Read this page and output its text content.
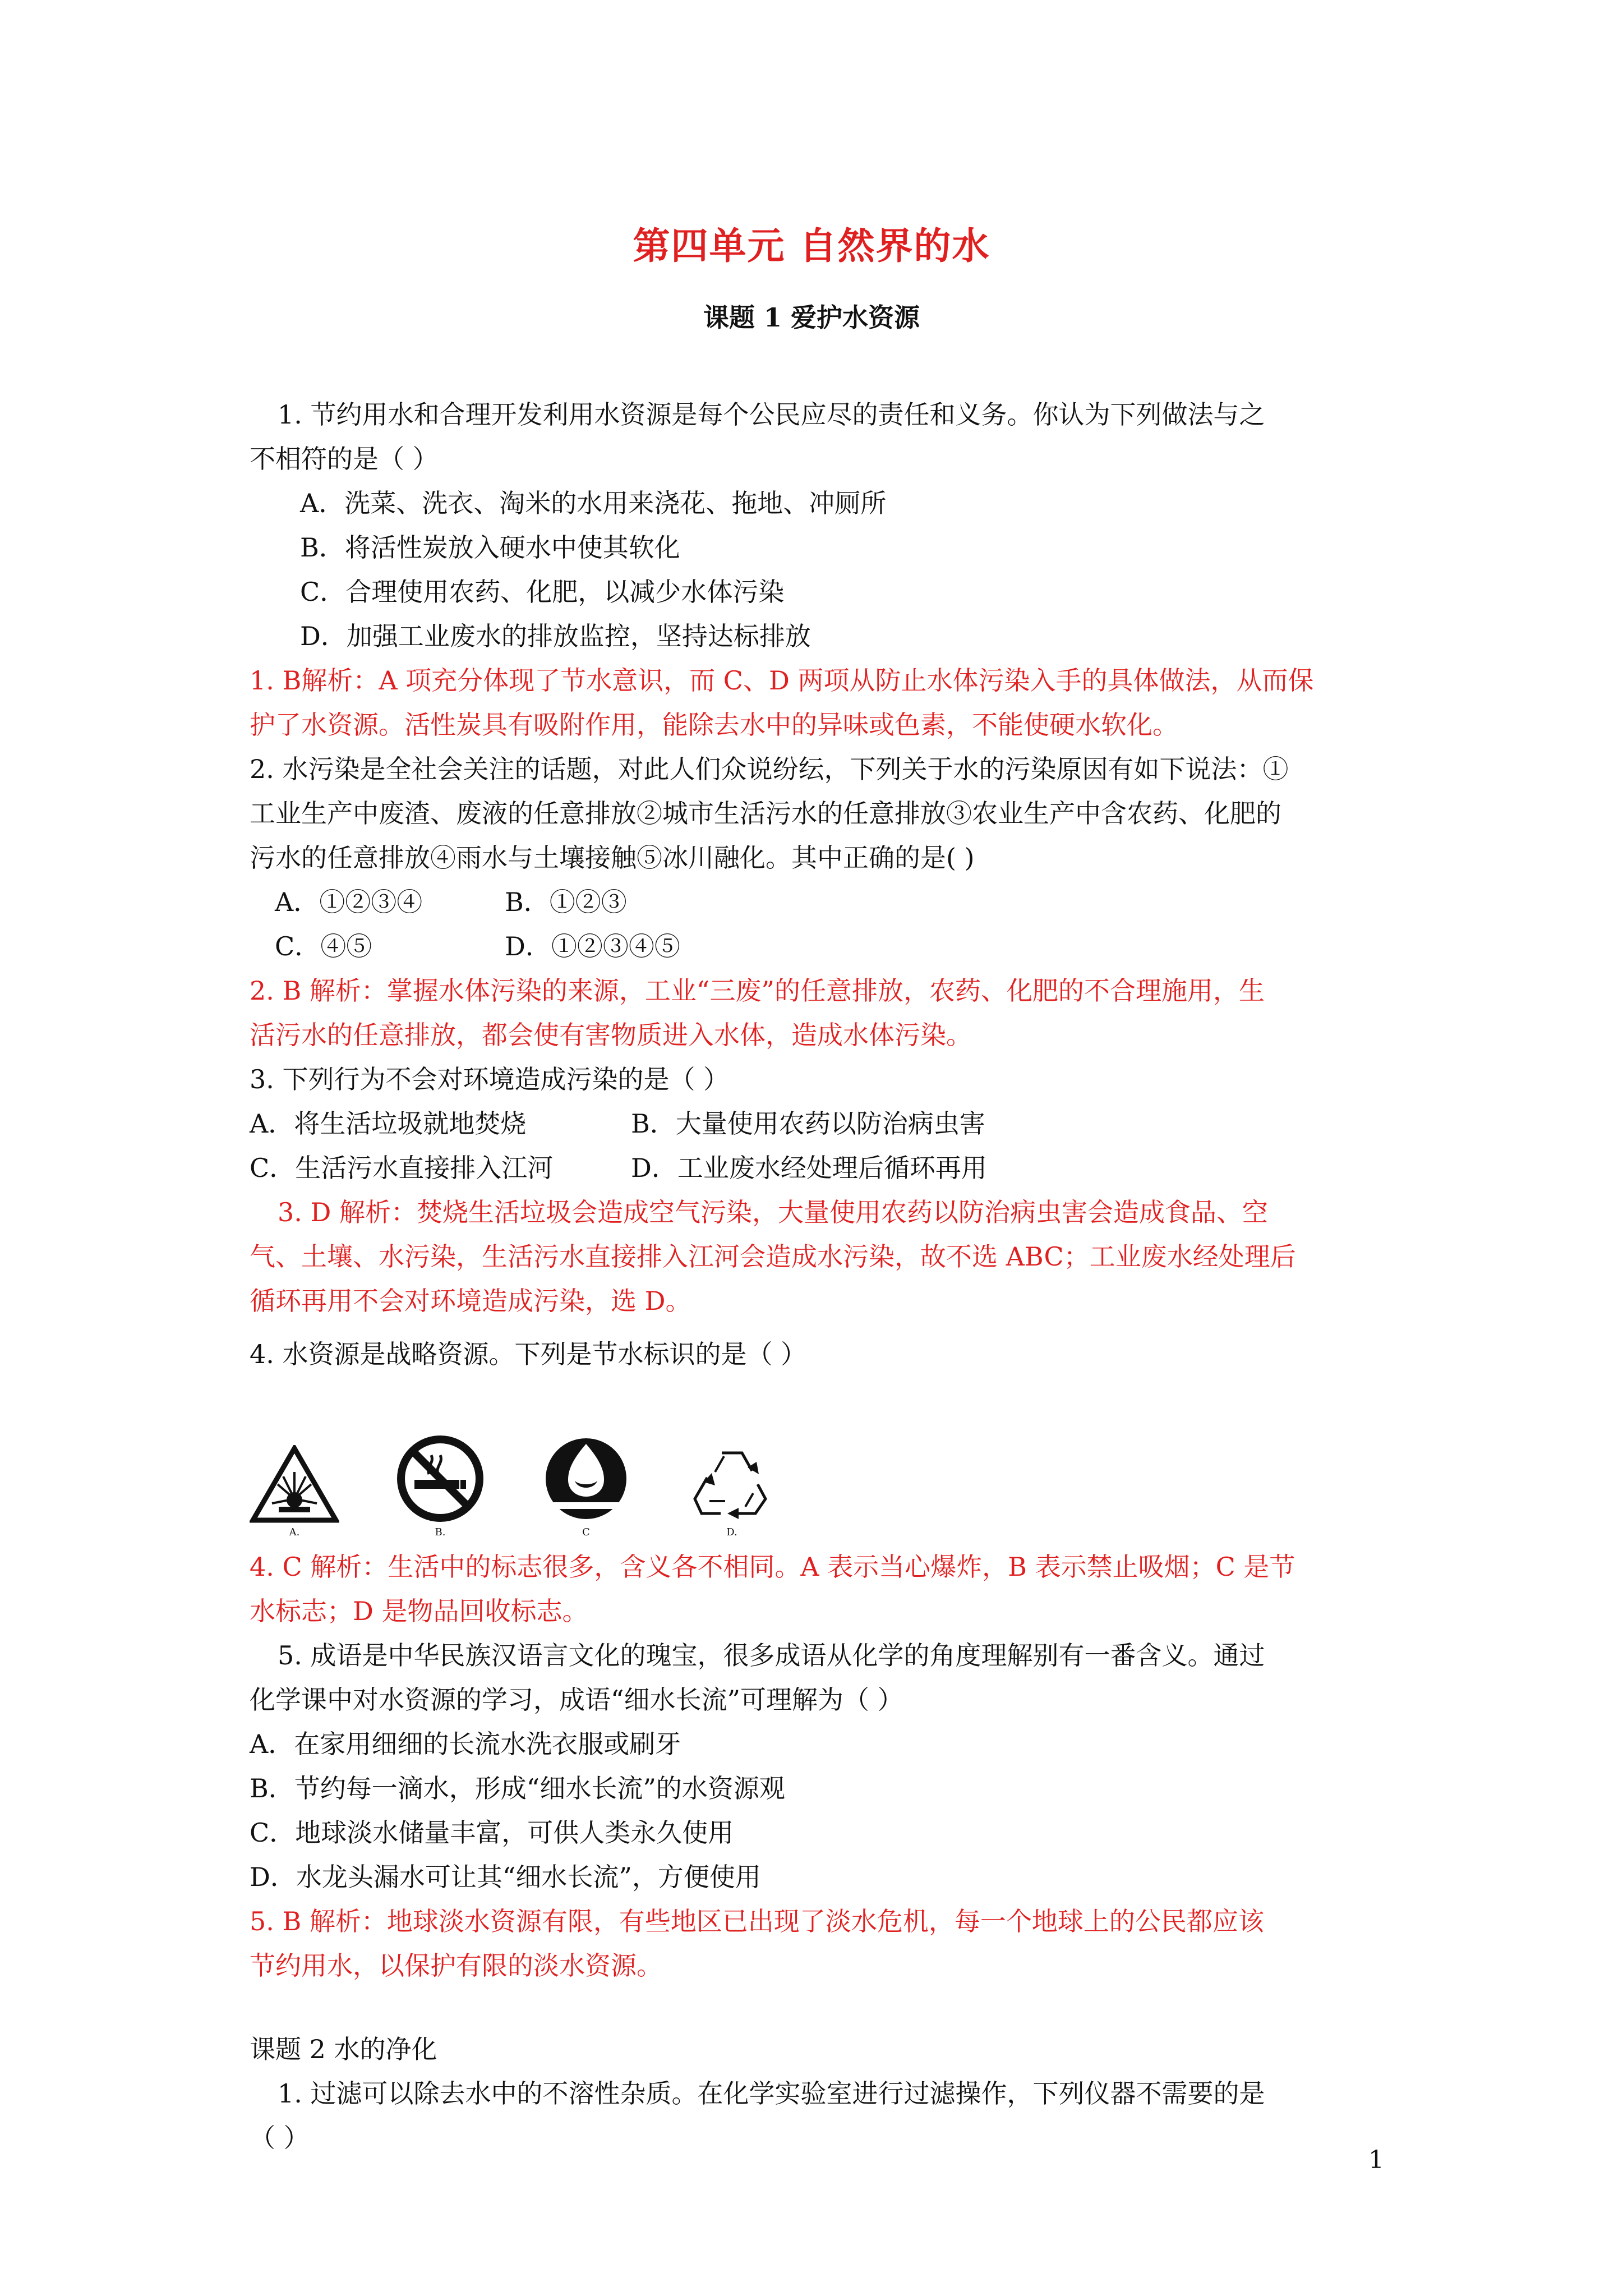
第四单元 自然界的水
课题 1 爱护水资源
1. 节约用水和合理开发利用水资源是每个公民应尽的责任和义务。你认为下列做法与之
不相符的是（ ）
A．洗菜、洗衣、淘米的水用来浇花、拖地、冲厕所
B．将活性炭放入硬水中使其软化
C．合理使用农药、化肥，以减少水体污染
D．加强工业废水的排放监控，坚持达标排放
1. B解析：A 项充分体现了节水意识，而 C、D 两项从防止水体污染入手的具体做法，从而保
护了水资源。活性炭具有吸附作用，能除去水中的异味或色素，不能使硬水软化。
2. 水污染是全社会关注的话题，对此人们众说纷纭，下列关于水的污染原因有如下说法：①
工业生产中废渣、废液的任意排放②城市生活污水的任意排放③农业生产中含农药、化肥的
污水的任意排放④雨水与土壤接触⑤冰川融化。其中正确的是( )
A．①②③④	B．①②③
C．④⑤	D．①②③④⑤
2. B 解析：掌握水体污染的来源，工业“三废”的任意排放，农药、化肥的不合理施用，生
活污水的任意排放，都会使有害物质进入水体，造成水体污染。
3. 下列行为不会对环境造成污染的是（ ）
A．将生活垃圾就地焚烧	B．大量使用农药以防治病虫害
C．生活污水直接排入江河	D．工业废水经处理后循环再用
3. D 解析：焚烧生活垃圾会造成空气污染，大量使用农药以防治病虫害会造成食品、空
气、土壤、水污染，生活污水直接排入江河会造成水污染，故不选 ABC；工业废水经处理后
循环再用不会对环境造成污染，选 D。
4. 水资源是战略资源。下列是节水标识的是（ ）
A.	B.	C	D.
4. C 解析：生活中的标志很多，含义各不相同。A 表示当心爆炸，B 表示禁止吸烟；C 是节
水标志；D 是物品回收标志。
5. 成语是中华民族汉语言文化的瑰宝，很多成语从化学的角度理解别有一番含义。通过
化学课中对水资源的学习，成语“细水长流”可理解为（ ）
A．在家用细细的长流水洗衣服或刷牙
B．节约每一滴水，形成“细水长流”的水资源观
C．地球淡水储量丰富，可供人类永久使用
D．水龙头漏水可让其“细水长流”，方便使用
5. B 解析：地球淡水资源有限，有些地区已出现了淡水危机，每一个地球上的公民都应该
节约用水，以保护有限的淡水资源。
课题 2 水的净化
1. 过滤可以除去水中的不溶性杂质。在化学实验室进行过滤操作，下列仪器不需要的是
（ ）
1
